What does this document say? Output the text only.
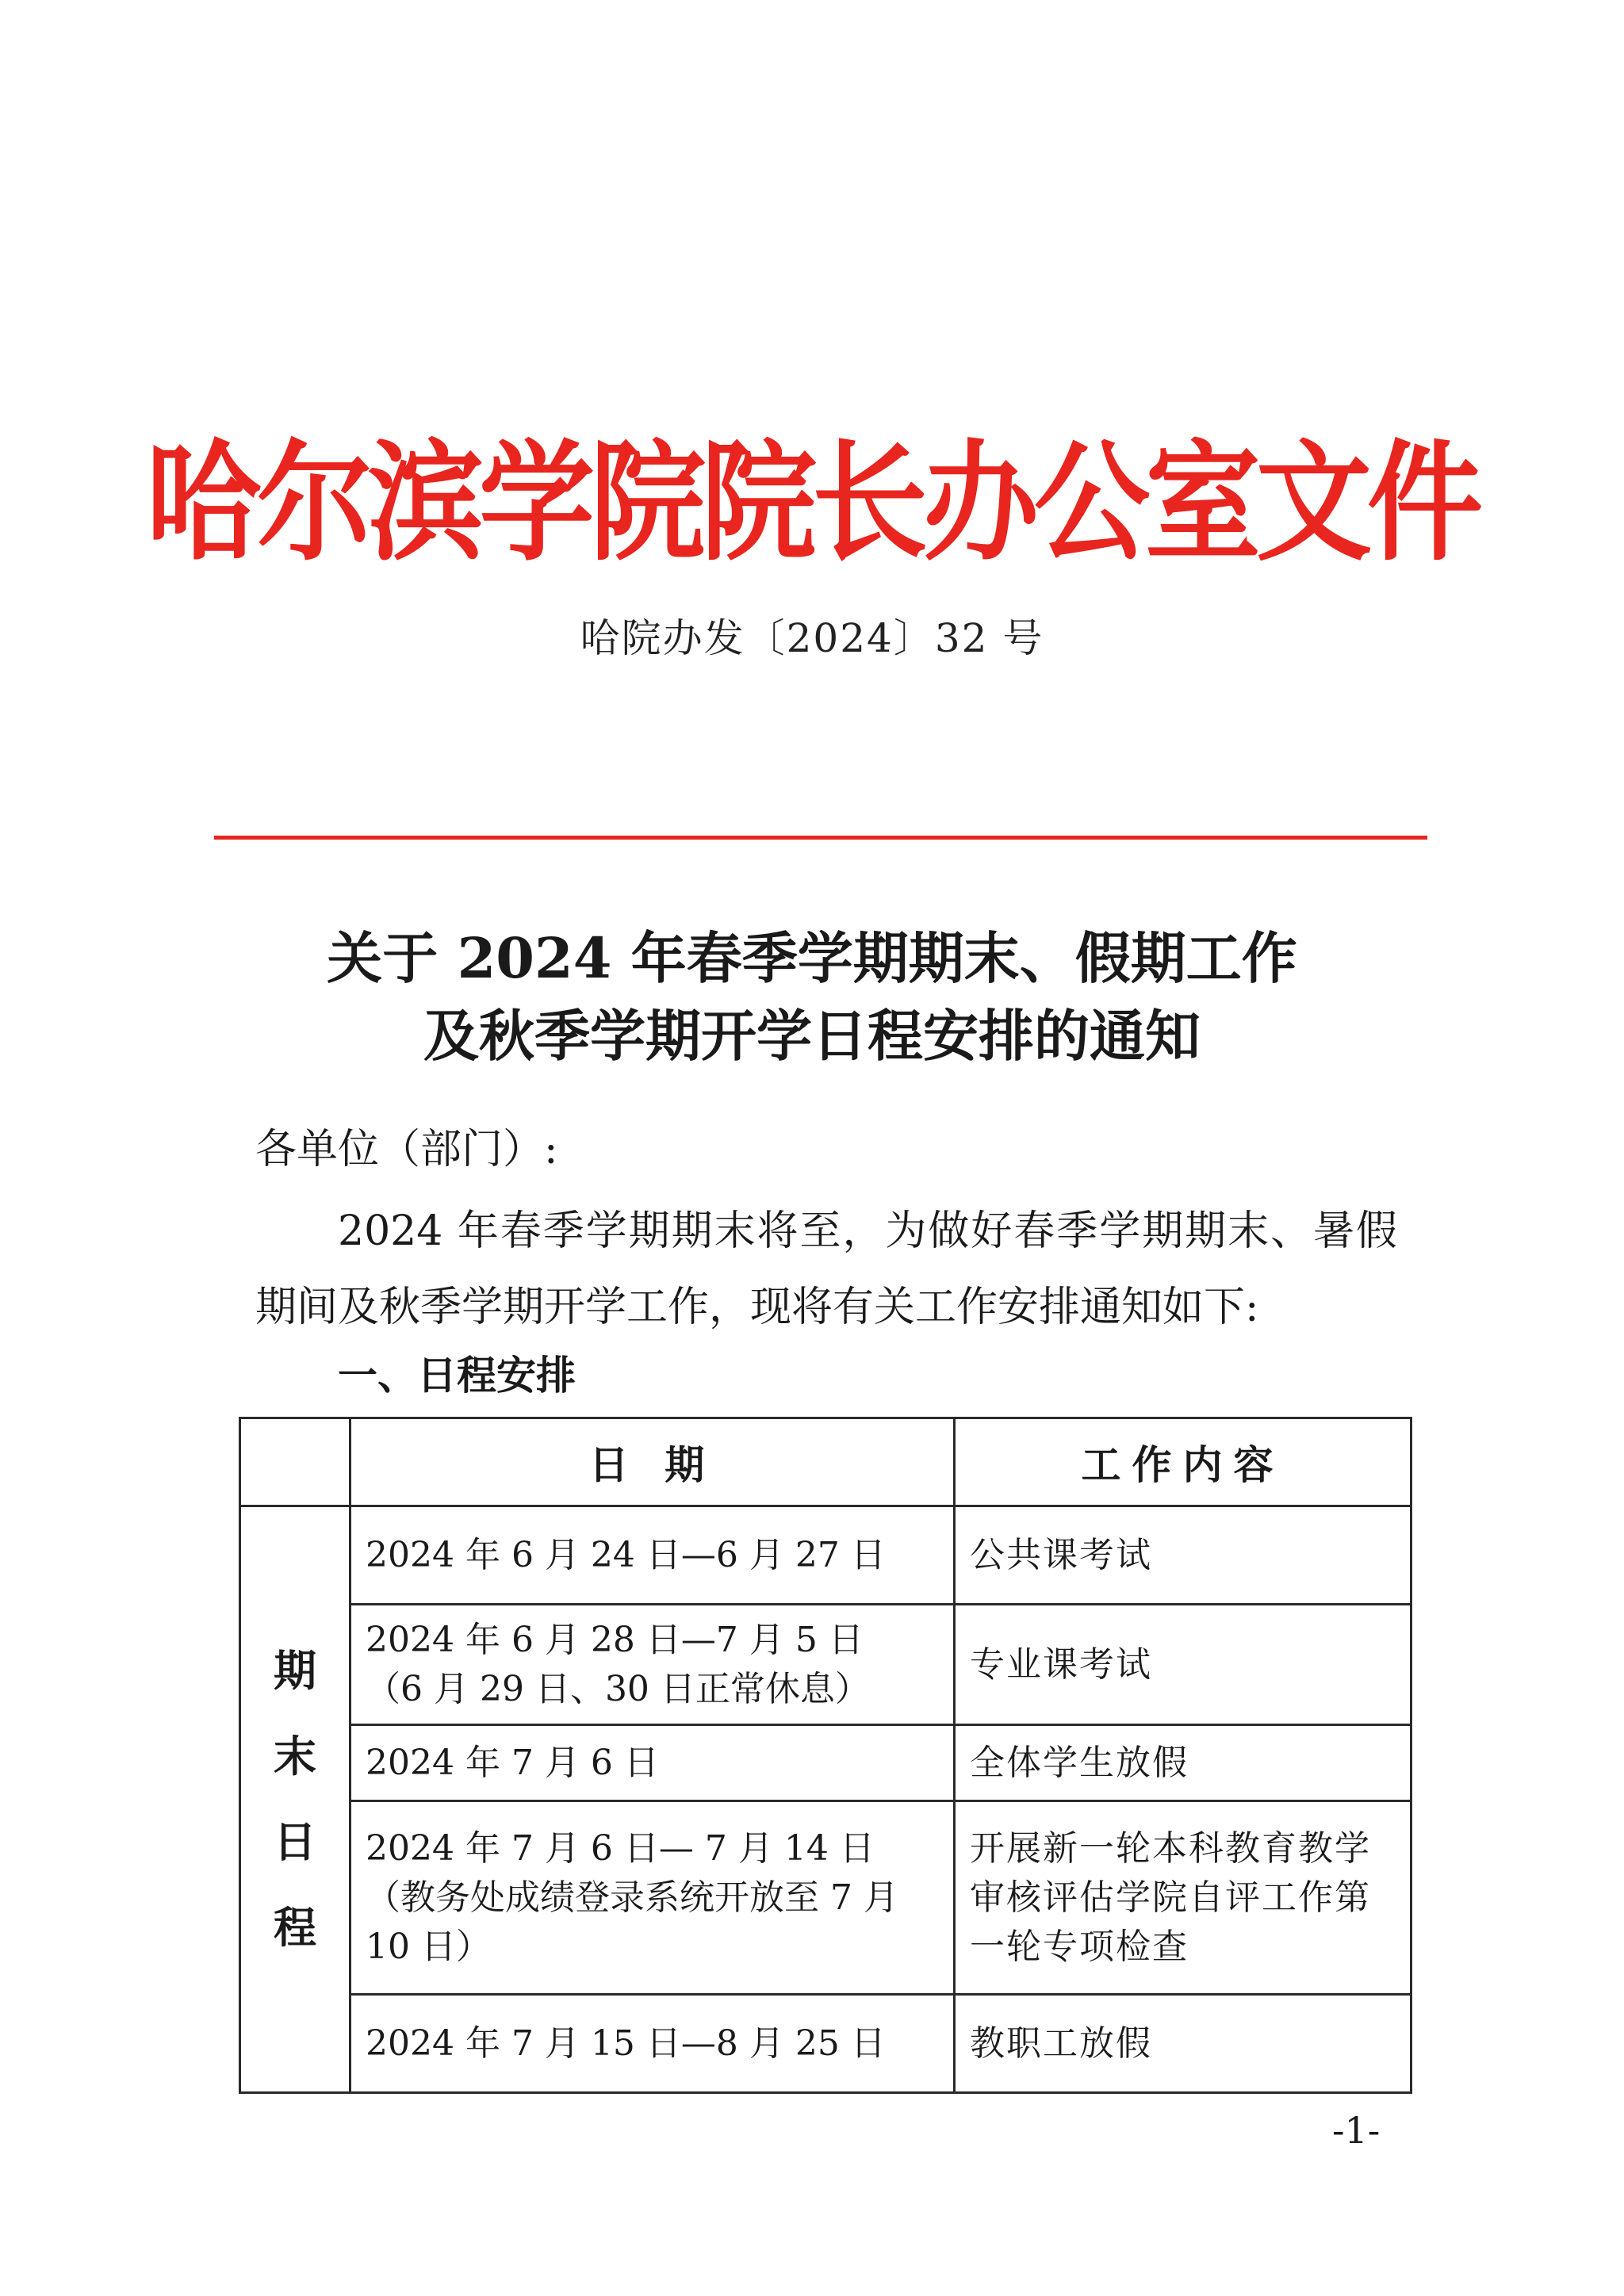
哈尔滨学院院长办公室文件
哈院办发〔2024〕32 号
关于 2024 年春季学期期末、假期工作
及秋季学期开学日程安排的通知
各单位（部门）:
2024 年春季学期期末将至，为做好春季学期期末、暑假期间及秋季学期开学工作，现将有关工作安排通知如下:
一、日程安排
	日 期	工作内容

期
末
日
程	2024 年 6 月 24 日—6 月 27 日	公共课考试

	2024 年 6 月 28 日—7 月 5 日
（6 月 29 日、30 日正常休息）	专业课考试

	2024 年 7 月 6 日	全体学生放假

	2024 年 7 月 6 日— 7 月 14 日
（教务处成绩登录系统开放至 7 月
10 日）	开展新一轮本科教育教学审核评估学院自评工作第一轮专项检查

	2024 年 7 月 15 日—8 月 25 日	教职工放假
-1-
